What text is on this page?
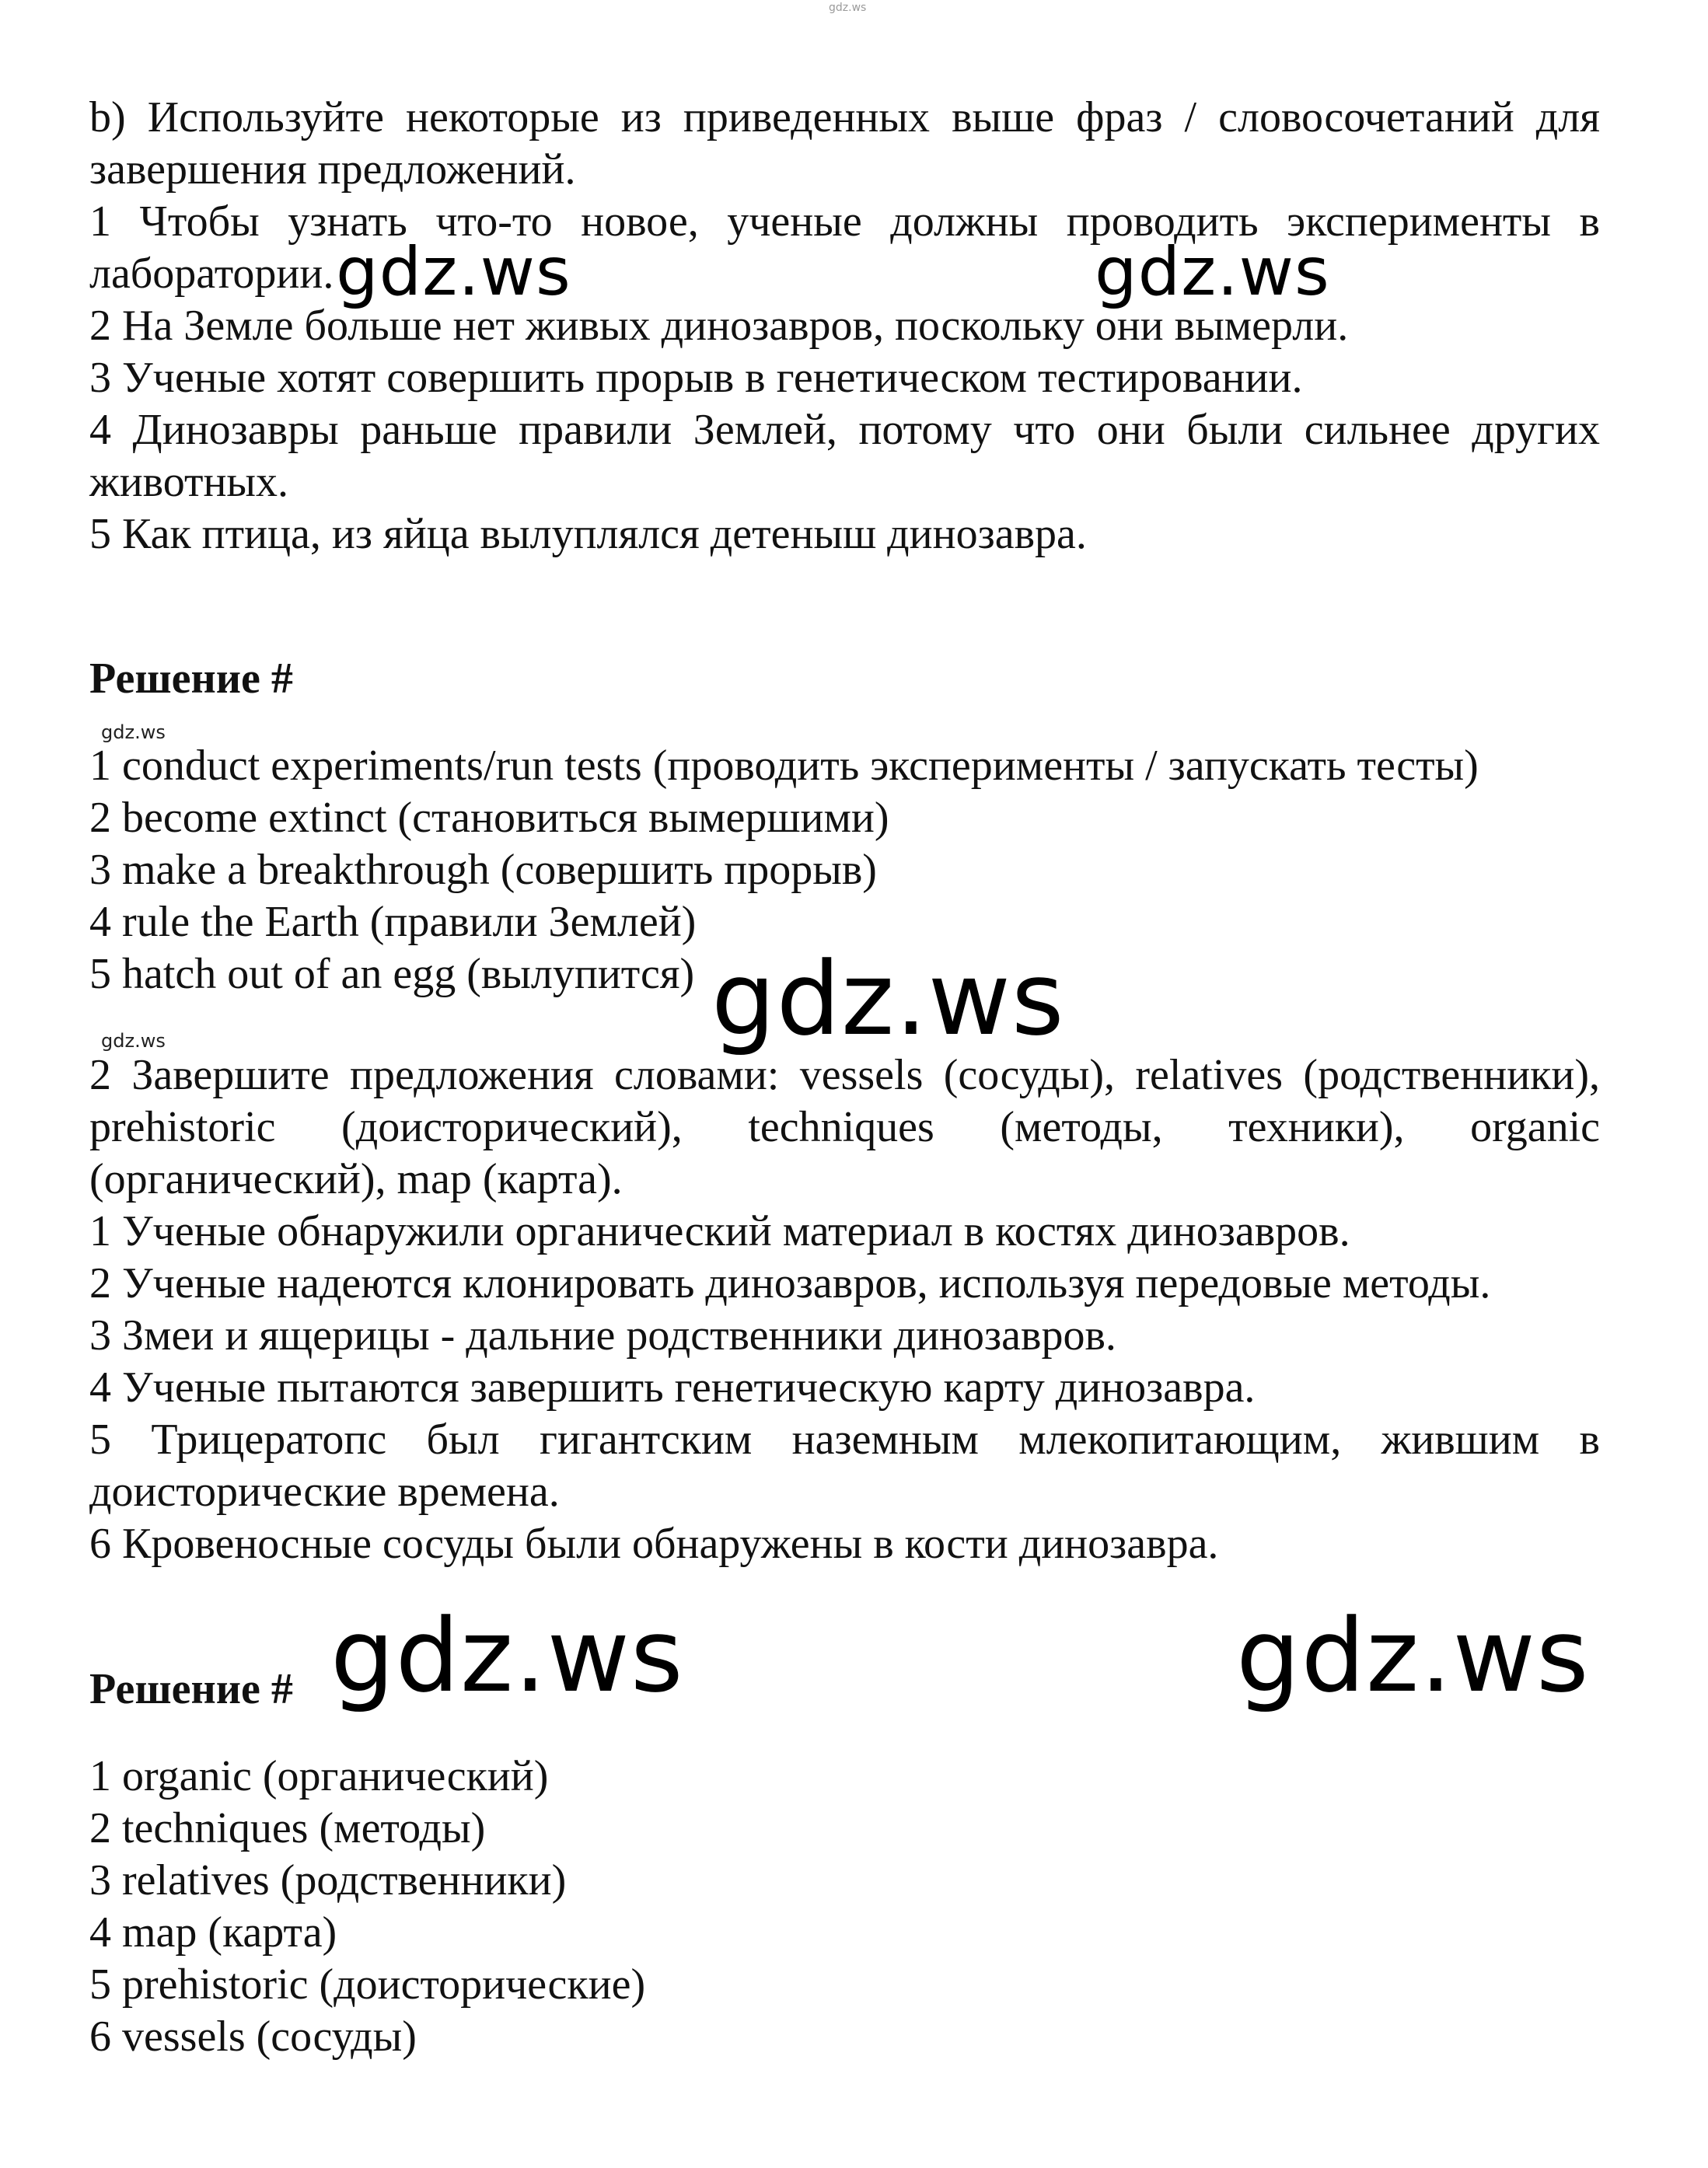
gdz.ws
b) Используйте некоторые из приведенных выше фраз / словосочетаний для завершения предложений.
1 Чтобы узнать что-то новое, ученые должны проводить эксперименты в лаборатории.
2 На Земле больше нет живых динозавров, поскольку они вымерли.
3 Ученые хотят совершить прорыв в генетическом тестировании.
4 Динозавры раньше правили Землей, потому что они были сильнее других животных.
5 Как птица, из яйца вылуплялся детеныш динозавра.
gdz.ws	gdz.ws
Решение #
gdz.ws
1 conduct experiments/run tests (проводить эксперименты / запускать тесты)
2 become extinct (становиться вымершими)
3 make a breakthrough (совершить прорыв)
4 rule the Earth (правили Землей)
5 hatch out of an egg (вылупится) gdz.ws
gdz.ws
2 Завершите предложения словами: vessels (сосуды), relatives (родственники), prehistoric (доисторический), techniques (методы, техники), organic (органический), map (карта).
1 Ученые обнаружили органический материал в костях динозавров.
2 Ученые надеются клонировать динозавров, используя передовые методы.
3 Змеи и ящерицы - дальние родственники динозавров.
4 Ученые пытаются завершить генетическую карту динозавра.
5 Трицератопс был гигантским наземным млекопитающим, жившим в доисторические времена.
6 Кровеносные сосуды были обнаружены в кости динозавра.
Решение # gdz.ws	gdz.ws
1 organic (органический)
2 techniques (методы)
3 relatives (родственники)
4 map (карта)
5 prehistoric (доисторические)
6 vessels (сосуды)
